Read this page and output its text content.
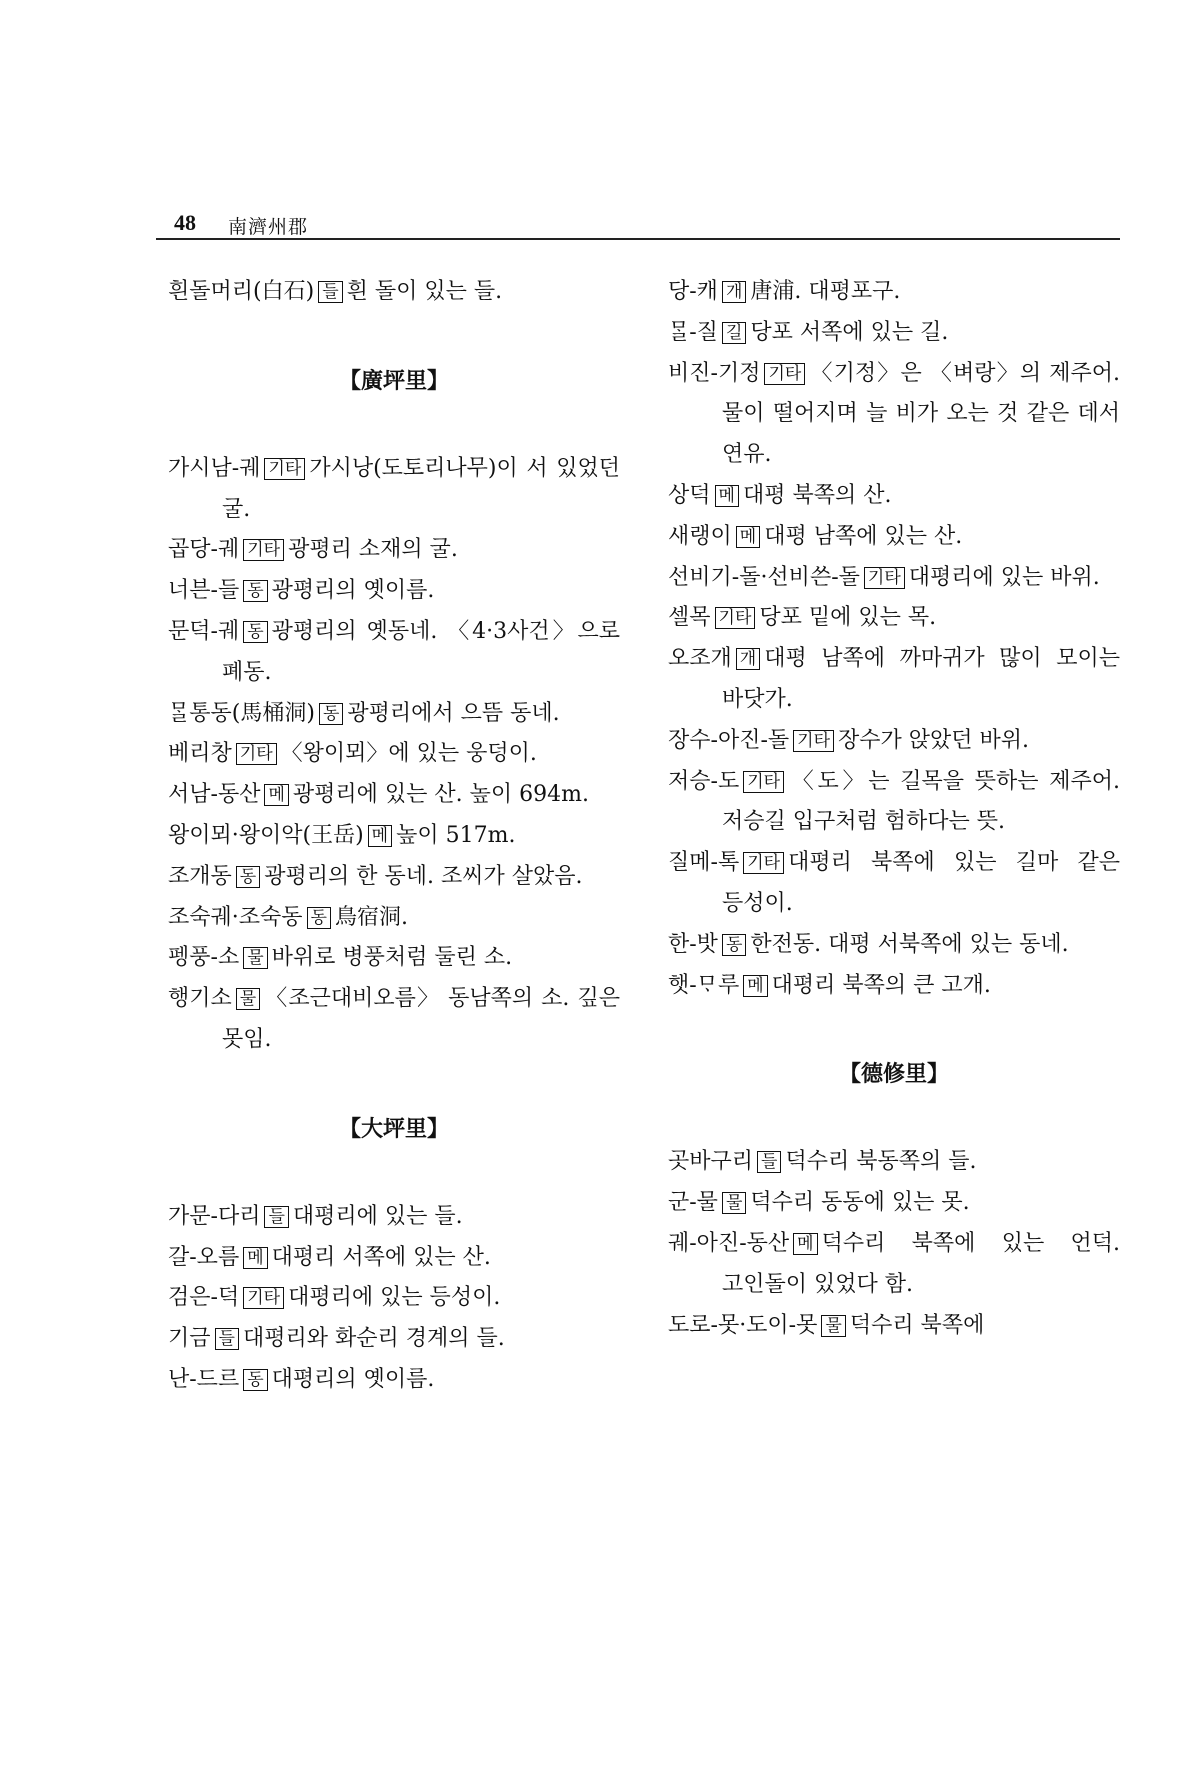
48 南濟州郡
흰돌머리(白石) 들 흰 돌이 있는 들.
【廣坪里】
가시남-궤 기타 가시낭(도토리나무)이 서 있었던 굴.
곱당-궤 기타 광평리 소재의 굴.
너븐-들 동 광평리의 옛이름.
문덕-궤 동 광평리의 옛동네. 〈4·3사건〉으로 폐동.
ᄆᆞᆯ통동(馬桶洞) 동 광평리에서 으뜸 동네.
베리창 기타 〈왕이뫼〉에 있는 웅덩이.
서남-동산 메 광평리에 있는 산. 높이 694m.
왕이뫼·왕이악(王岳) 메 높이 517m.
조개동 동 광평리의 한 동네. 조씨가 살았음.
조숙궤·조숙동 동 鳥宿洞.
펭풍-소 물 바위로 병풍처럼 둘린 소.
행기소 물 〈조근대비오름〉 동남쪽의 소. 깊은 못임.
【大坪里】
가문-다리 들 대평리에 있는 들.
갈-오름 메 대평리 서쪽에 있는 산.
검은-덕 기타 대평리에 있는 등성이.
기금 들 대평리와 화순리 경계의 들.
난-드르 동 대평리의 옛이름.
당-캐 개 唐浦. 대평포구.
ᄆᆞᆯ-질 길 당포 서쪽에 있는 길.
비진-기정 기타 〈기정〉은 〈벼랑〉의 제주어. 물이 떨어지며 늘 비가 오는 것 같은 데서 연유.
상덕 메 대평 북쪽의 산.
새랭이 메 대평 남쪽에 있는 산.
선비기-돌·선비쓴-돌 기타 대평리에 있는 바위.
셀목 기타 당포 밑에 있는 목.
오조개 개 대평 남쪽에 까마귀가 많이 모이는 바닷가.
장수-아진-돌 기타 장수가 앉았던 바위.
저승-도 기타 〈도〉는 길목을 뜻하는 제주어. 저승길 입구처럼 험하다는 뜻.
질메-톡 기타 대평리 북쪽에 있는 길마 같은 등성이.
한-밧 동 한전동. 대평 서북쪽에 있는 동네.
햇-ᄆᆞ루 메 대평리 북쪽의 큰 고개.
【德修里】
곳바구리 들 덕수리 북동쪽의 들.
군-물 물 덕수리 동동에 있는 못.
궤-아진-동산 메 덕수리 북쪽에 있는 언덕. 고인돌이 있었다 함.
도로-못·도이-못 물 덕수리 북쪽에
